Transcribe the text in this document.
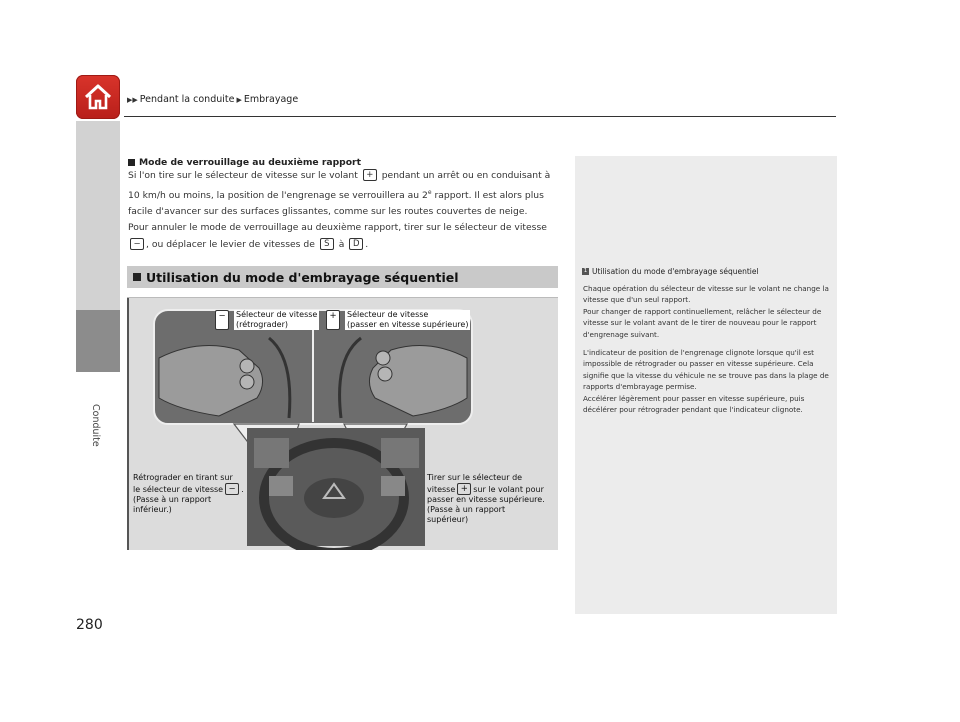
▶▶ Pendant la conduite ▶ Embrayage
Conduite
280
Mode de verrouillage au deuxième rapport
Si l'on tire sur le sélecteur de vitesse sur le volant + pendant un arrêt ou en conduisant à 10 km/h ou moins, la position de l'engrenage se verrouillera au 2e rapport. Il est alors plus facile d'avancer sur des surfaces glissantes, comme sur les routes couvertes de neige.
Pour annuler le mode de verrouillage au deuxième rapport, tirer sur le sélecteur de vitesse
− , ou déplacer le levier de vitesses de S à D .
Utilisation du mode d'embrayage séquentiel
−	Sélecteur de vitesse
(rétrograder)
+	Sélecteur de vitesse
(passer en vitesse supérieure)
Rétrograder en tirant sur
le sélecteur de vitesse − .
(Passe à un rapport
inférieur.)
Tirer sur le sélecteur de
vitesse + sur le volant pour
passer en vitesse supérieure.
(Passe à un rapport
supérieur)
1 Utilisation du mode d'embrayage séquentiel

Chaque opération du sélecteur de vitesse sur le volant ne change la vitesse que d'un seul rapport.
Pour changer de rapport continuellement, relâcher le sélecteur de vitesse sur le volant avant de le tirer de nouveau pour le rapport d'engrenage suivant.

L'indicateur de position de l'engrenage clignote lorsque qu'il est impossible de rétrograder ou passer en vitesse supérieure. Cela signifie que la vitesse du véhicule ne se trouve pas dans la plage de rapports d'embrayage permise.

Accélérer légèrement pour passer en vitesse supérieure, puis décélérer pour rétrograder pendant que l'indicateur clignote.
